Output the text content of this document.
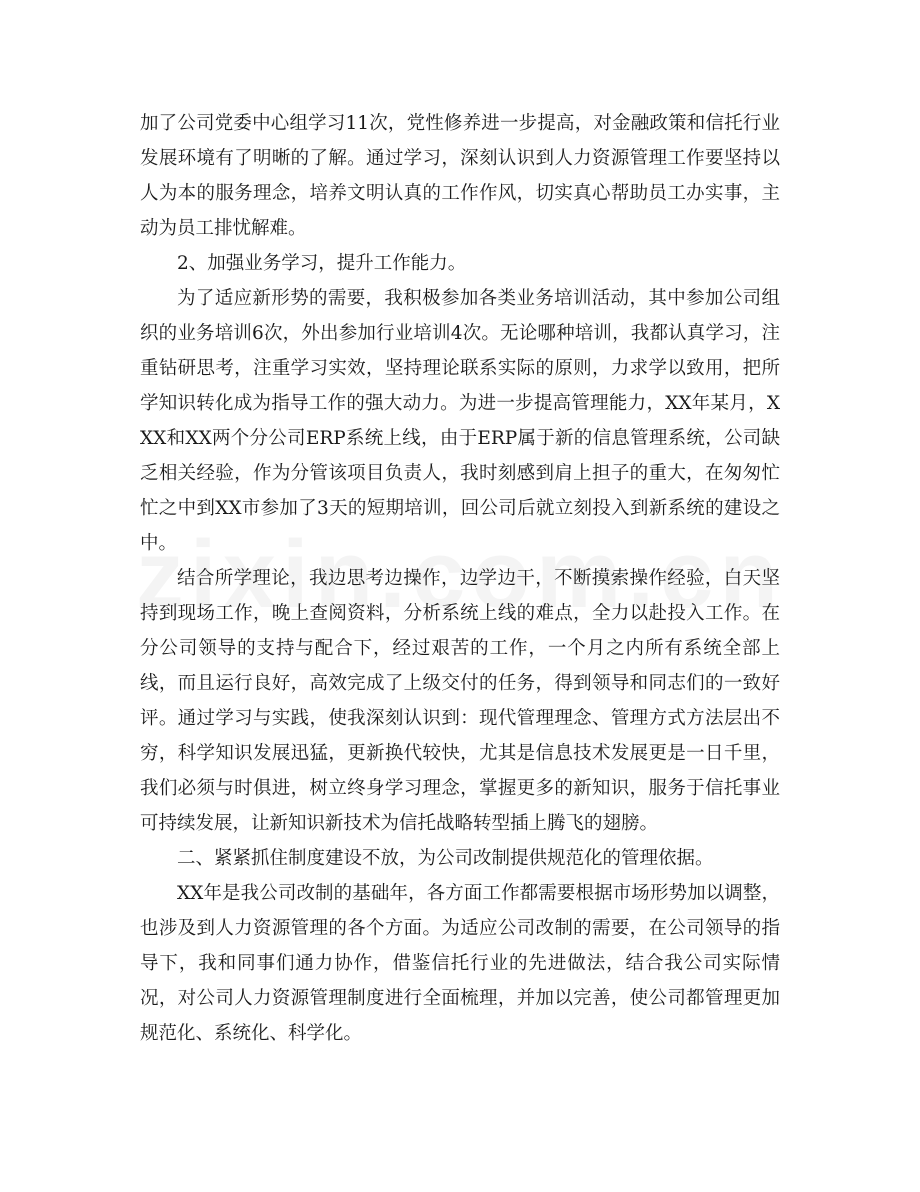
加了公司党委中心组学习11次，党性修养进一步提高，对金融政策和信托行业发展环境有了明晰的了解。通过学习，深刻认识到人力资源管理工作要坚持以人为本的服务理念，培养文明认真的工作作风，切实真心帮助员工办实事，主动为员工排忧解难。

2、加强业务学习，提升工作能力。

为了适应新形势的需要，我积极参加各类业务培训活动，其中参加公司组织的业务培训6次，外出参加行业培训4次。无论哪种培训，我都认真学习，注重钻研思考，注重学习实效，坚持理论联系实际的原则，力求学以致用，把所学知识转化成为指导工作的强大动力。为进一步提高管理能力，XX年某月，XXX和XX两个分公司ERP系统上线，由于ERP属于新的信息管理系统，公司缺乏相关经验，作为分管该项目负责人，我时刻感到肩上担子的重大，在匆匆忙忙之中到XX市参加了3天的短期培训，回公司后就立刻投入到新系统的建设之中。

结合所学理论，我边思考边操作，边学边干，不断摸索操作经验，白天坚持到现场工作，晚上查阅资料，分析系统上线的难点，全力以赴投入工作。在分公司领导的支持与配合下，经过艰苦的工作，一个月之内所有系统全部上线，而且运行良好，高效完成了上级交付的任务，得到领导和同志们的一致好评。通过学习与实践，使我深刻认识到：现代管理理念、管理方式方法层出不穷，科学知识发展迅猛，更新换代较快，尤其是信息技术发展更是一日千里，我们必须与时俱进，树立终身学习理念，掌握更多的新知识，服务于信托事业可持续发展，让新知识新技术为信托战略转型插上腾飞的翅膀。

二、紧紧抓住制度建设不放，为公司改制提供规范化的管理依据。

XX年是我公司改制的基础年，各方面工作都需要根据市场形势加以调整，也涉及到人力资源管理的各个方面。为适应公司改制的需要，在公司领导的指导下，我和同事们通力协作，借鉴信托行业的先进做法，结合我公司实际情况，对公司人力资源管理制度进行全面梳理，并加以完善，使公司都管理更加规范化、系统化、科学化。
